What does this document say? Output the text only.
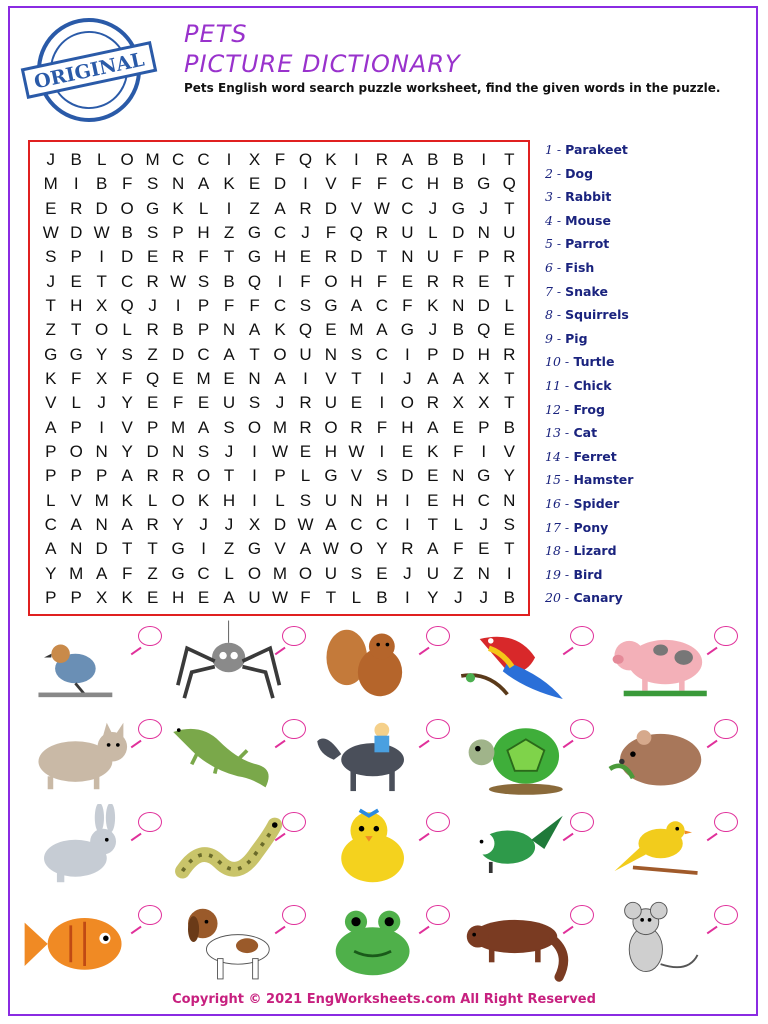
ORIGINAL
PETS
PICTURE DICTIONARY
Pets English word search puzzle worksheet, find the given words in the puzzle.
J B L O M C C I	X F Q K	I R A B B	I	T
M I	B F S N A K E D I	V F F C H B G Q
E R D O G K L	I	Z A R D V W C J G J T
W D W B S P H Z G C J F Q R U L D N U
S P	I D E R F T G H E R D T N U F P R
J E T C R W S B Q I	F O H F E R R E T
T H X Q J	I	P F F C S G A C F K N D L
Z T O L R B P N A K Q E M A G J B Q E
G G Y S Z D C A T O U N S C I	P D H R
K F X F Q E M E N A	I	V T	I	J A A X T
V L J Y E F E U S J R U E	I O R X X T
A P	I	V P M A S O M R O R F H A E P B
P O N Y D N S J	I W E H W I	E K F	I	V
P P P A R R O T	I	P L G V S D E N G Y
L V M K L O K H I	L S U N H I	E H C N
C A N A R Y J J X D W A C C I	T L J S
A N D T T G I	Z G V A W O Y R A F E T
Y M A F Z G C L O M O U S E J U Z N I
P P X K E H E A U W F T L B	I	Y J J B
1 - Parakeet
2 - Dog
3 - Rabbit
4 - Mouse
5 - Parrot
6 - Fish
7 - Snake
8 - Squirrels
9 - Pig
10 - Turtle
11 - Chick
12 - Frog
13 - Cat
14 - Ferret
15 - Hamster
16 - Spider
17 - Pony
18 - Lizard
19 - Bird
20 - Canary
Copyright © 2021 EngWorksheets.com All Right Reserved
